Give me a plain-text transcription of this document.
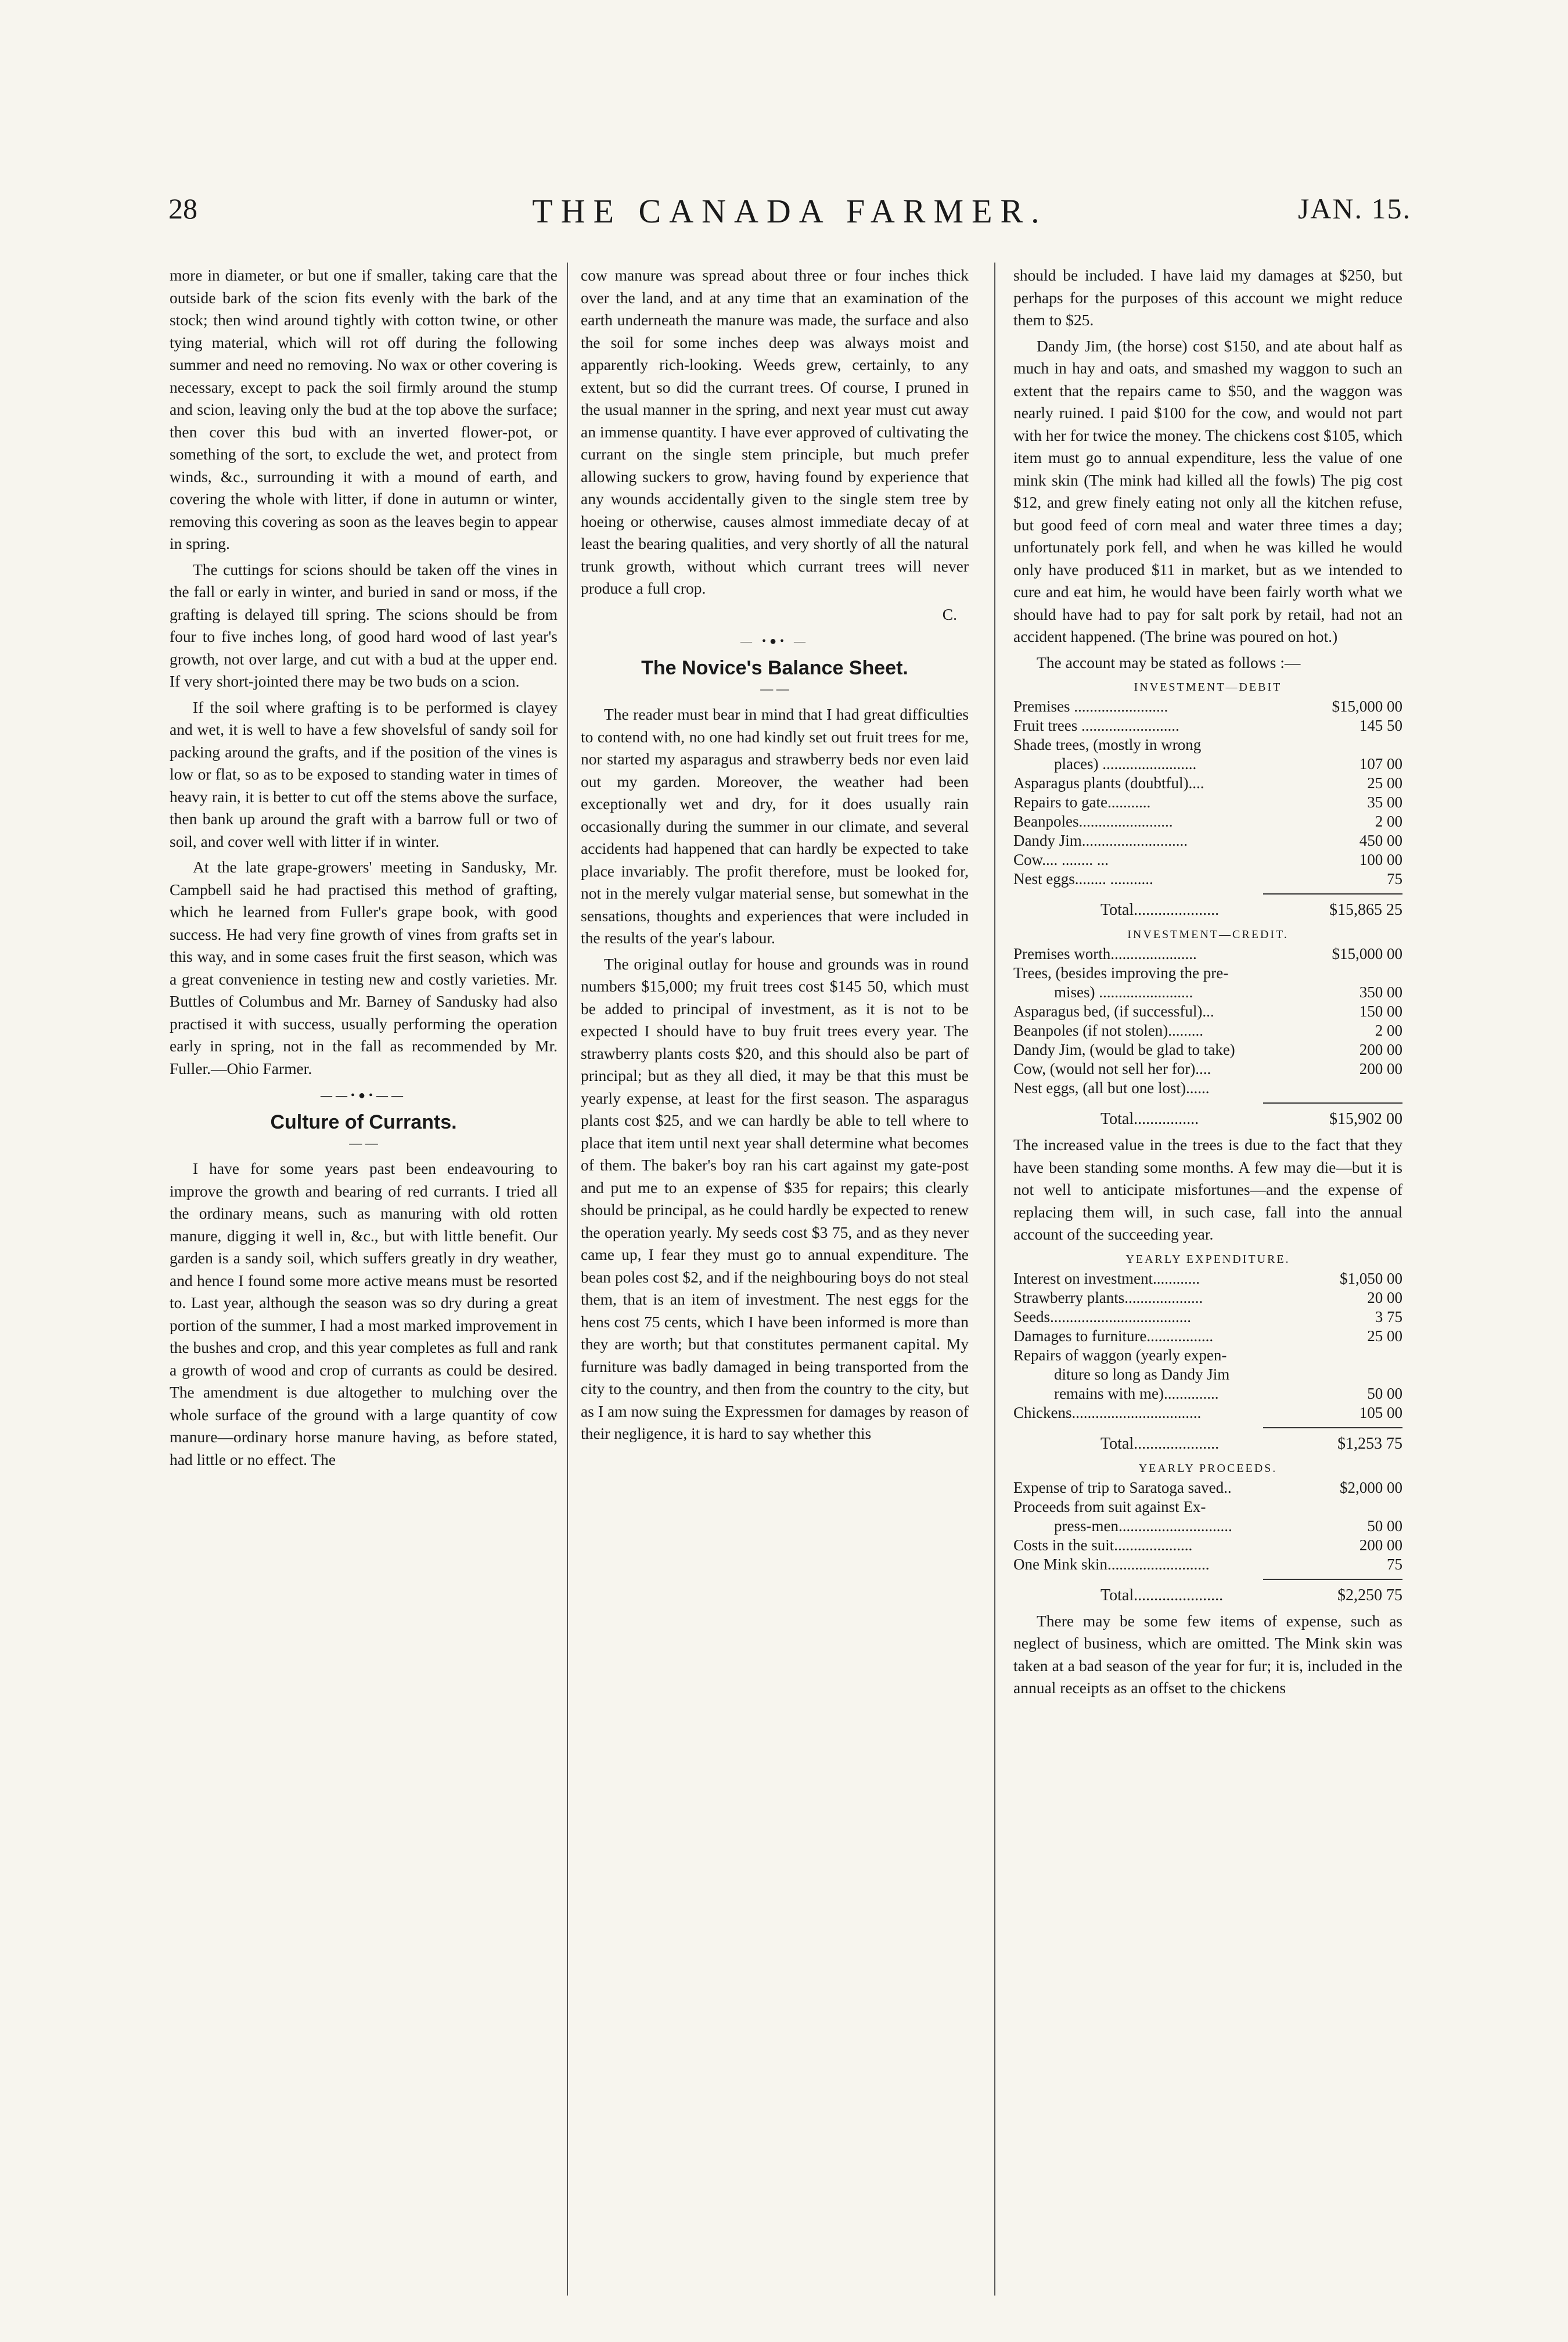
28	THE CANADA FARMER.	JAN. 15.

more in diameter, or but one if smaller, taking care that the outside bark of the scion fits evenly with the bark of the stock; then wind around tightly with cotton twine, or other tying material, which will rot off during the following summer and need no removing. No wax or other covering is necessary, except to pack the soil firmly around the stump and scion, leaving only the bud at the top above the surface; then cover this bud with an inverted flower-pot, or something of the sort, to exclude the wet, and protect from winds, &c., surrounding it with a mound of earth, and covering the whole with litter, if done in autumn or winter, removing this covering as soon as the leaves begin to appear in spring.

The cuttings for scions should be taken off the vines in the fall or early in winter, and buried in sand or moss, if the grafting is delayed till spring. The scions should be from four to five inches long, of good hard wood of last year's growth, not over large, and cut with a bud at the upper end. If very short-jointed there may be two buds on a scion.

If the soil where grafting is to be performed is clayey and wet, it is well to have a few shovelsful of sandy soil for packing around the grafts, and if the position of the vines is low or flat, so as to be exposed to standing water in times of heavy rain, it is better to cut off the stems above the surface, then bank up around the graft with a barrow full or two of soil, and cover well with litter if in winter.

At the late grape-growers' meeting in Sandusky, Mr. Campbell said he had practised this method of grafting, which he learned from Fuller's grape book, with good success. He had very fine growth of vines from grafts set in this way, and in some cases fruit the first season, which was a great convenience in testing new and costly varieties. Mr. Buttles of Columbus and Mr. Barney of Sandusky had also practised it with success, usually performing the operation early in spring, not in the fall as recommended by Mr. Fuller.—Ohio Farmer.

——•●•——
Culture of Currants.
— —

I have for some years past been endeavouring to improve the growth and bearing of red currants. I tried all the ordinary means, such as manuring with old rotten manure, digging it well in, &c., but with little benefit. Our garden is a sandy soil, which suffers greatly in dry weather, and hence I found some more active means must be resorted to. Last year, although the season was so dry during a great portion of the summer, I had a most marked improvement in the bushes and crop, and this year completes as full and rank a growth of wood and crop of currants as could be desired. The amendment is due altogether to mulching over the whole surface of the ground with a large quantity of cow manure—ordinary horse manure having, as before stated, had little or no effect. The

cow manure was spread about three or four inches thick over the land, and at any time that an examination of the earth underneath the manure was made, the surface and also the soil for some inches deep was always moist and apparently rich-looking. Weeds grew, certainly, to any extent, but so did the currant trees. Of course, I pruned in the usual manner in the spring, and next year must cut away an immense quantity. I have ever approved of cultivating the currant on the single stem principle, but much prefer allowing suckers to grow, having found by experience that any wounds accidentally given to the single stem tree by hoeing or otherwise, causes almost immediate decay of at least the bearing qualities, and very shortly of all the natural trunk growth, without which currant trees will never produce a full crop.

C.
— •●• —
The Novice's Balance Sheet.
— —

The reader must bear in mind that I had great difficulties to contend with, no one had kindly set out fruit trees for me, nor started my asparagus and strawberry beds nor even laid out my garden. Moreover, the weather had been exceptionally wet and dry, for it does usually rain occasionally during the summer in our climate, and several accidents had happened that can hardly be expected to take place invariably. The profit therefore, must be looked for, not in the merely vulgar material sense, but somewhat in the sensations, thoughts and experiences that were included in the results of the year's labour.

The original outlay for house and grounds was in round numbers $15,000; my fruit trees cost $145 50, which must be added to principal of investment, as it is not to be expected I should have to buy fruit trees every year. The strawberry plants costs $20, and this should also be part of principal; but as they all died, it may be that this must be yearly expense, at least for the first season. The asparagus plants cost $25, and we can hardly be able to tell where to place that item until next year shall determine what becomes of them. The baker's boy ran his cart against my gate-post and put me to an expense of $35 for repairs; this clearly should be principal, as he could hardly be expected to renew the operation yearly. My seeds cost $3 75, and as they never came up, I fear they must go to annual expenditure. The bean poles cost $2, and if the neighbouring boys do not steal them, that is an item of investment. The nest eggs for the hens cost 75 cents, which I have been informed is more than they are worth; but that constitutes permanent capital. My furniture was badly damaged in being transported from the city to the country, and then from the country to the city, but as I am now suing the Expressmen for damages by reason of their negligence, it is hard to say whether this

should be included. I have laid my damages at $250, but perhaps for the purposes of this account we might reduce them to $25.

Dandy Jim, (the horse) cost $150, and ate about half as much in hay and oats, and smashed my waggon to such an extent that the repairs came to $50, and the waggon was nearly ruined. I paid $100 for the cow, and would not part with her for twice the money. The chickens cost $105, which item must go to annual expenditure, less the value of one mink skin (The mink had killed all the fowls) The pig cost $12, and grew finely eating not only all the kitchen refuse, but good feed of corn meal and water three times a day; unfortunately pork fell, and when he was killed he would only have produced $11 in market, but as we intended to cure and eat him, he would have been fairly worth what we should have had to pay for salt pork by retail, had not an accident happened. (The brine was poured on hot.)

The account may be stated as follows :—

INVESTMENT—DEBIT
Premises ........................	$15,000 00
Fruit trees .........................	145 50
Shade trees, (mostly in wrong
places) ........................	107 00
Asparagus plants (doubtful)....	25 00
Repairs to gate...........	35 00
Beanpoles........................	2 00
Dandy Jim...........................	450 00
Cow.... ........ ...	100 00
Nest eggs........ ...........	75
Total.....................	$15,865 25
INVESTMENT—CREDIT.
Premises worth......................	$15,000 00
Trees, (besides improving the pre-
mises) ........................	350 00
Asparagus bed, (if successful)...	150 00
Beanpoles (if not stolen).........	2 00
Dandy Jim, (would be glad to take)	200 00
Cow, (would not sell her for)....	200 00
Nest eggs, (all but one lost)......
Total................	$15,902 00

The increased value in the trees is due to the fact that they have been standing some months. A few may die—but it is not well to anticipate misfortunes—and the expense of replacing them will, in such case, fall into the annual account of the succeeding year.

YEARLY EXPENDITURE.
Interest on investment............	$1,050 00
Strawberry plants....................	20 00
Seeds....................................	3 75
Damages to furniture.................	25 00
Repairs of waggon (yearly expen-
diture so long as Dandy Jim
remains with me)..............	50 00
Chickens.................................	105 00
Total.....................	$1,253 75
YEARLY PROCEEDS.
Expense of trip to Saratoga saved..	$2,000 00
Proceeds from suit against Ex-
press-men.............................	50 00
Costs in the suit....................	200 00
One Mink skin..........................	75
Total......................	$2,250 75

There may be some few items of expense, such as neglect of business, which are omitted. The Mink skin was taken at a bad season of the year for fur; it is, included in the annual receipts as an offset to the chickens
